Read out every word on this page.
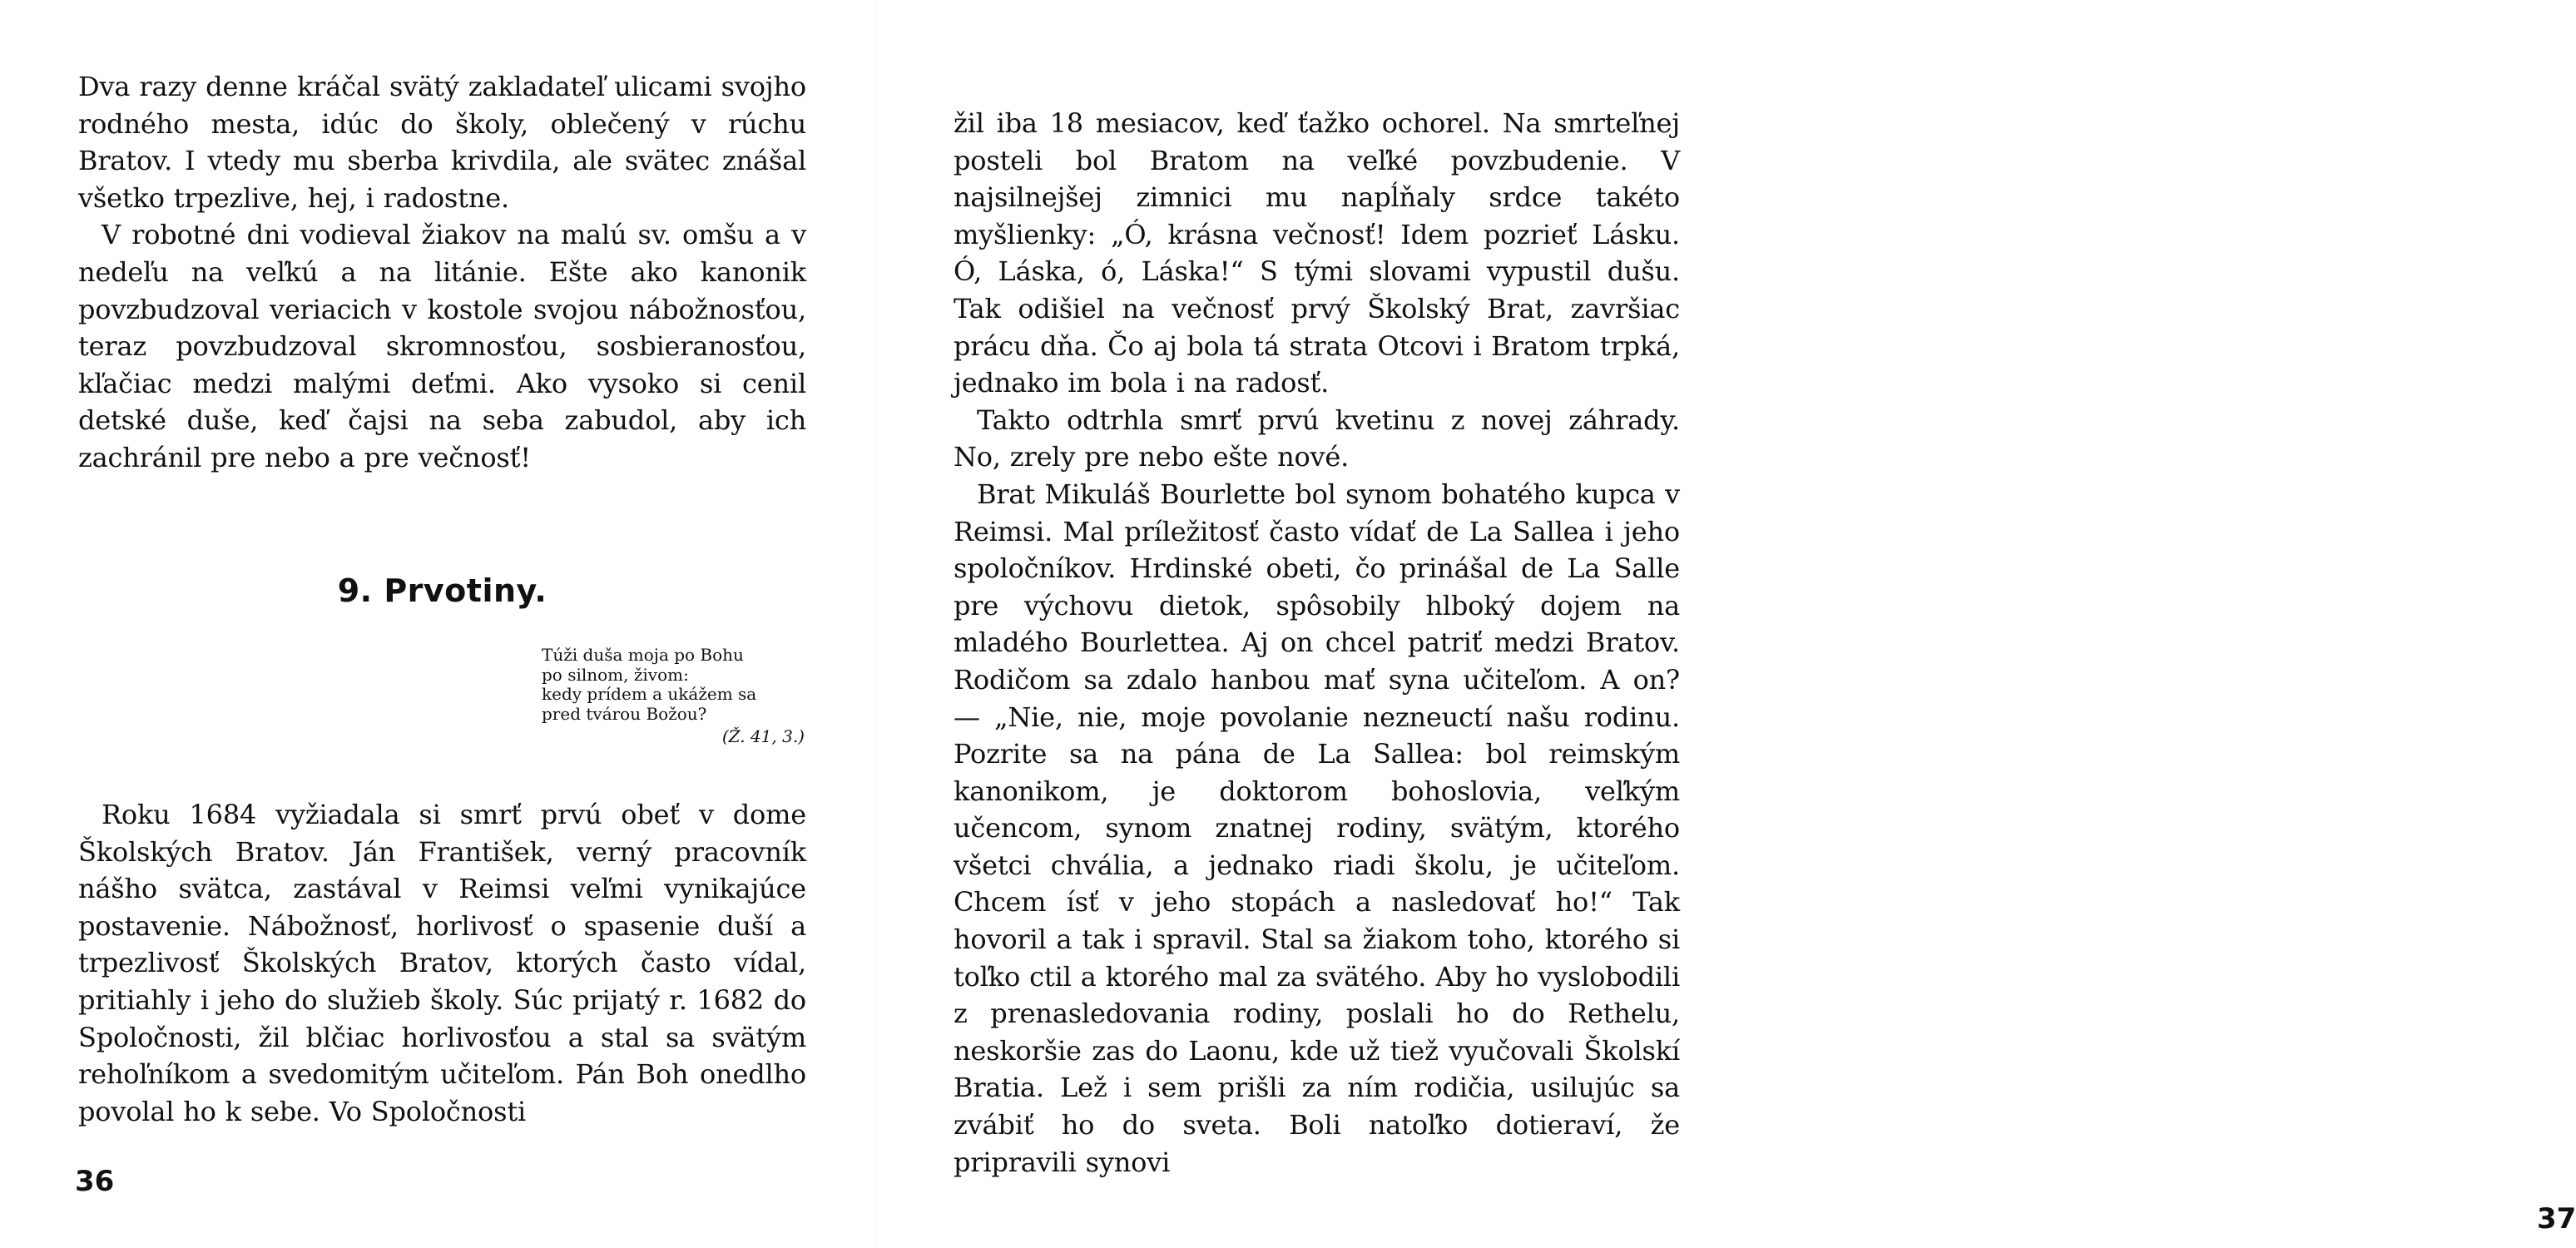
Dva razy denne kráčal svätý zakladateľ ulicami svojho rodného mesta, idúc do školy, oblečený v rúchu Bratov. I vtedy mu sberba krivdila, ale svätec znášal všetko trpezlive, hej, i radostne.

V robotné dni vodieval žiakov na malú sv. omšu a v nedeľu na veľkú a na litánie. Ešte ako kanonik povzbudzoval veriacich v kostole svojou nábožnosťou, teraz povzbudzoval skromnosťou, sosbieranosťou, kľačiac medzi malými deťmi. Ako vysoko si cenil detské duše, keď čajsi na seba zabudol, aby ich zachránil pre nebo a pre večnosť!

9. Prvotiny.
Túži duša moja po Bohu
po silnom, živom:
kedy prídem a ukážem sa
pred tvárou Božou?
(Ž. 41, 3.)

Roku 1684 vyžiadala si smrť prvú obeť v dome Školských Bratov. Ján František, verný pracovník nášho svätca, zastával v Reimsi veľmi vynikajúce postavenie. Nábožnosť, horlivosť o spasenie duší a trpezlivosť Školských Bratov, ktorých často vídal, pritiahly i jeho do služieb školy. Súc prijatý r. 1682 do Spoločnosti, žil blčiac horlivosťou a stal sa svätým rehoľníkom a svedomitým učiteľom. Pán Boh onedlho povolal ho k sebe. Vo Spoločnosti

36

žil iba 18 mesiacov, keď ťažko ochorel. Na smrteľnej posteli bol Bratom na veľké povzbudenie. V najsilnejšej zimnici mu napĺňaly srdce takéto myšlienky: „Ó, krásna večnosť! Idem pozrieť Lásku. Ó, Láska, ó, Láska!“ S tými slovami vypustil dušu. Tak odišiel na večnosť prvý Školský Brat, završiac prácu dňa. Čo aj bola tá strata Otcovi i Bratom trpká, jednako im bola i na radosť.

Takto odtrhla smrť prvú kvetinu z novej záhrady. No, zrely pre nebo ešte nové.

Brat Mikuláš Bourlette bol synom bohatého kupca v Reimsi. Mal príležitosť často vídať de La Sallea i jeho spoločníkov. Hrdinské obeti, čo prinášal de La Salle pre výchovu dietok, spôsobily hlboký dojem na mladého Bourlettea. Aj on chcel patriť medzi Bratov. Rodičom sa zdalo hanbou mať syna učiteľom. A on? — „Nie, nie, moje povolanie nezneuctí našu rodinu. Pozrite sa na pána de La Sallea: bol reimským kanonikom, je doktorom bohoslovia, veľkým učencom, synom znatnej rodiny, svätým, ktorého všetci chvália, a jednako riadi školu, je učiteľom. Chcem ísť v jeho stopách a nasledovať ho!“ Tak hovoril a tak i spravil. Stal sa žiakom toho, ktorého si toľko ctil a ktorého mal za svätého. Aby ho vyslobodili z prenasledovania rodiny, poslali ho do Rethelu, neskoršie zas do Laonu, kde už tiež vyučovali Školskí Bratia. Lež i sem prišli za ním rodičia, usilujúc sa zvábiť ho do sveta. Boli natoľko dotieraví, že pripravili synovi

37
